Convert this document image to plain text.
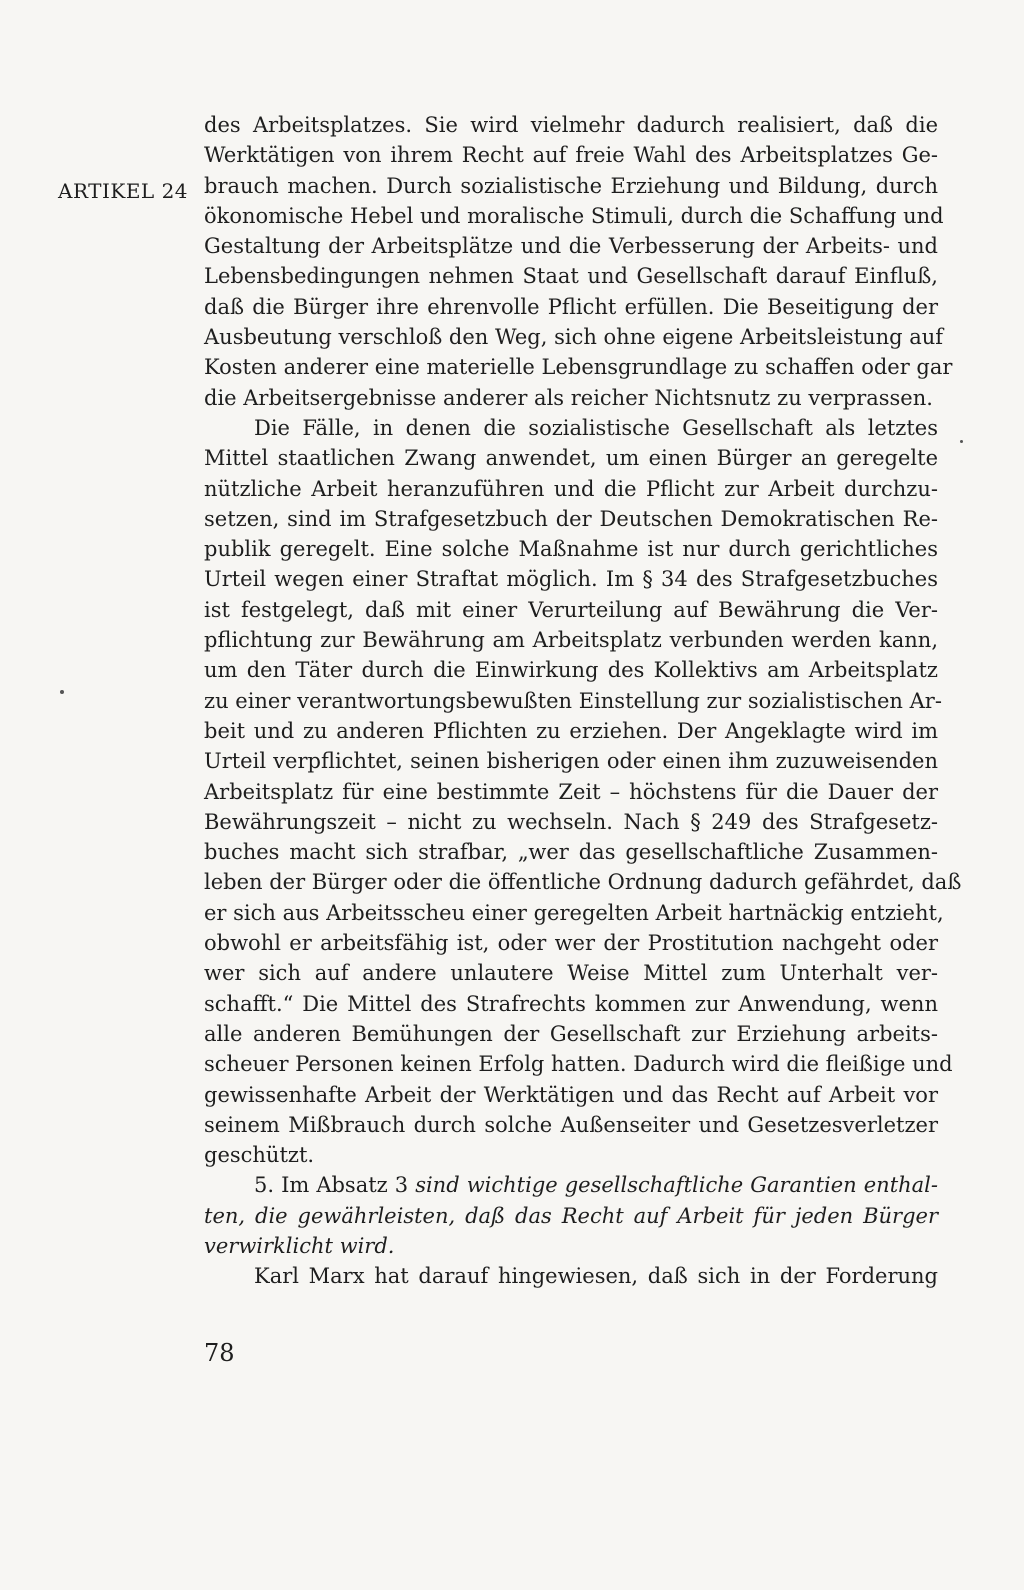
ARTIKEL 24
des Arbeitsplatzes. Sie wird vielmehr dadurch realisiert, daß die
Werktätigen von ihrem Recht auf freie Wahl des Arbeitsplatzes Ge-
brauch machen. Durch sozialistische Erziehung und Bildung, durch
ökonomische Hebel und moralische Stimuli, durch die Schaffung und
Gestaltung der Arbeitsplätze und die Verbesserung der Arbeits- und
Lebensbedingungen nehmen Staat und Gesellschaft darauf Einfluß,
daß die Bürger ihre ehrenvolle Pflicht erfüllen. Die Beseitigung der
Ausbeutung verschloß den Weg, sich ohne eigene Arbeitsleistung auf
Kosten anderer eine materielle Lebensgrundlage zu schaffen oder gar
die Arbeitsergebnisse anderer als reicher Nichtsnutz zu verprassen.
Die Fälle, in denen die sozialistische Gesellschaft als letztes
Mittel staatlichen Zwang anwendet, um einen Bürger an geregelte
nützliche Arbeit heranzuführen und die Pflicht zur Arbeit durchzu-
setzen, sind im Strafgesetzbuch der Deutschen Demokratischen Re-
publik geregelt. Eine solche Maßnahme ist nur durch gerichtliches
Urteil wegen einer Straftat möglich. Im § 34 des Strafgesetzbuches
ist festgelegt, daß mit einer Verurteilung auf Bewährung die Ver-
pflichtung zur Bewährung am Arbeitsplatz verbunden werden kann,
um den Täter durch die Einwirkung des Kollektivs am Arbeitsplatz
zu einer verantwortungsbewußten Einstellung zur sozialistischen Ar-
beit und zu anderen Pflichten zu erziehen. Der Angeklagte wird im
Urteil verpflichtet, seinen bisherigen oder einen ihm zuzuweisenden
Arbeitsplatz für eine bestimmte Zeit – höchstens für die Dauer der
Bewährungszeit – nicht zu wechseln. Nach § 249 des Strafgesetz-
buches macht sich strafbar, „wer das gesellschaftliche Zusammen-
leben der Bürger oder die öffentliche Ordnung dadurch gefährdet, daß
er sich aus Arbeitsscheu einer geregelten Arbeit hartnäckig entzieht,
obwohl er arbeitsfähig ist, oder wer der Prostitution nachgeht oder
wer sich auf andere unlautere Weise Mittel zum Unterhalt ver-
schafft.“ Die Mittel des Strafrechts kommen zur Anwendung, wenn
alle anderen Bemühungen der Gesellschaft zur Erziehung arbeits-
scheuer Personen keinen Erfolg hatten. Dadurch wird die fleißige und
gewissenhafte Arbeit der Werktätigen und das Recht auf Arbeit vor
seinem Mißbrauch durch solche Außenseiter und Gesetzesverletzer
geschützt.
5. Im Absatz 3 sind wichtige gesellschaftliche Garantien enthal-
ten, die gewährleisten, daß das Recht auf Arbeit für jeden Bürger
verwirklicht wird.
Karl Marx hat darauf hingewiesen, daß sich in der Forderung
78
